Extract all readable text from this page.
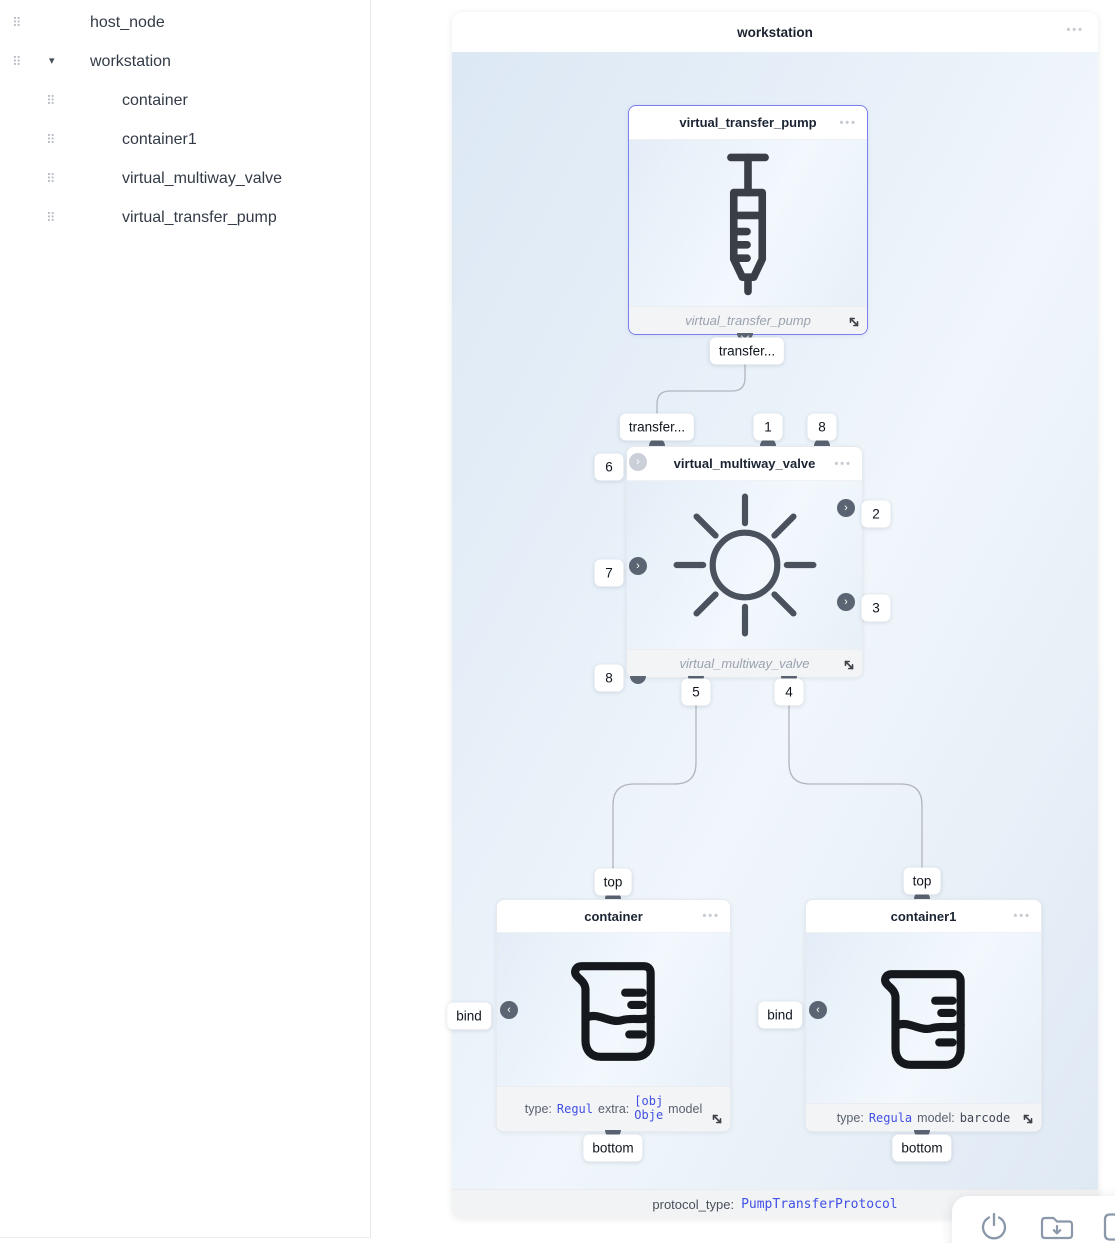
⠿	host_node
⠿ ▾ workstation
⠿	container
⠿	container1
⠿	virtual_multiway_valve
⠿	virtual_transfer_pump
workstation	•••
protocol_type: PumpTransferProtocol
virtual_transfer_pump •••
virtual_transfer_pump
transfer...
virtual_multiway_valve •••
virtual_multiway_valve
transfer...	1	8
›
›
6
7
8
›
›
2
3
5	4
container	•••
type: Regul extra:
[obj
Obje model
top
‹
bind
bottom
container1	•••
type: Regula model: barcode
top
‹
bind
bottom
